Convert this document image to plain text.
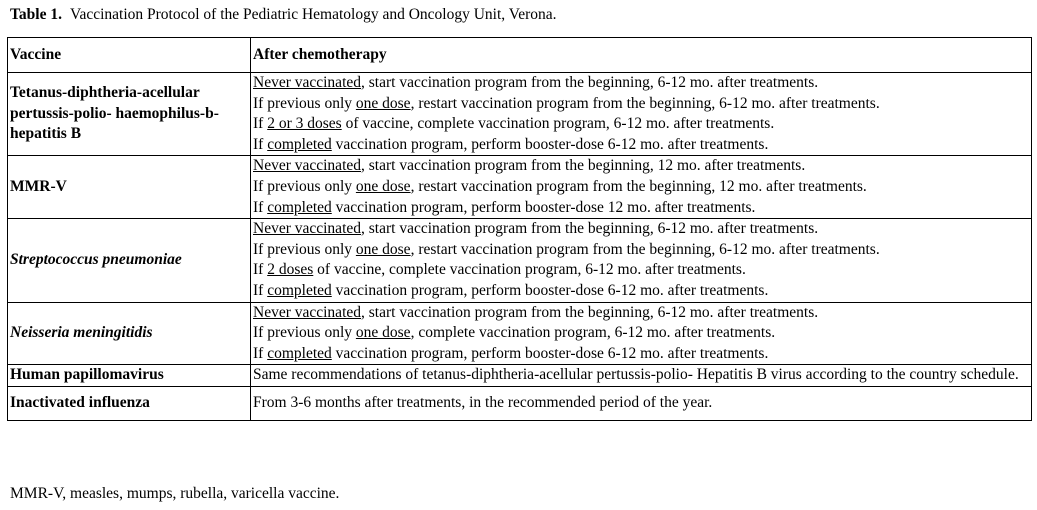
Table 1. Vaccination Protocol of the Pediatric Hematology and Oncology Unit, Verona.
Vaccine	After chemotherapy
Tetanus-diphtheria-acellular pertussis-polio- haemophilus-b-hepatitis B	Never vaccinated, start vaccination program from the beginning, 6-12 mo. after treatments.
If previous only one dose, restart vaccination program from the beginning, 6-12 mo. after treatments.
If 2 or 3 doses of vaccine, complete vaccination program, 6-12 mo. after treatments.
If completed vaccination program, perform booster-dose 6-12 mo. after treatments.

MMR-V	Never vaccinated, start vaccination program from the beginning, 12 mo. after treatments.
If previous only one dose, restart vaccination program from the beginning, 12 mo. after treatments.
If completed vaccination program, perform booster-dose 12 mo. after treatments.

Streptococcus pneumoniae	Never vaccinated, start vaccination program from the beginning, 6-12 mo. after treatments.
If previous only one dose, restart vaccination program from the beginning, 6-12 mo. after treatments.
If 2 doses of vaccine, complete vaccination program, 6-12 mo. after treatments.
If completed vaccination program, perform booster-dose 6-12 mo. after treatments.

Neisseria meningitidis	Never vaccinated, start vaccination program from the beginning, 6-12 mo. after treatments.
If previous only one dose, complete vaccination program, 6-12 mo. after treatments.
If completed vaccination program, perform booster-dose 6-12 mo. after treatments.

Human papillomavirus	Same recommendations of tetanus-diphtheria-acellular pertussis-polio- Hepatitis B virus according to the country schedule.
Inactivated influenza	From 3-6 months after treatments, in the recommended period of the year.
MMR-V, measles, mumps, rubella, varicella vaccine.
